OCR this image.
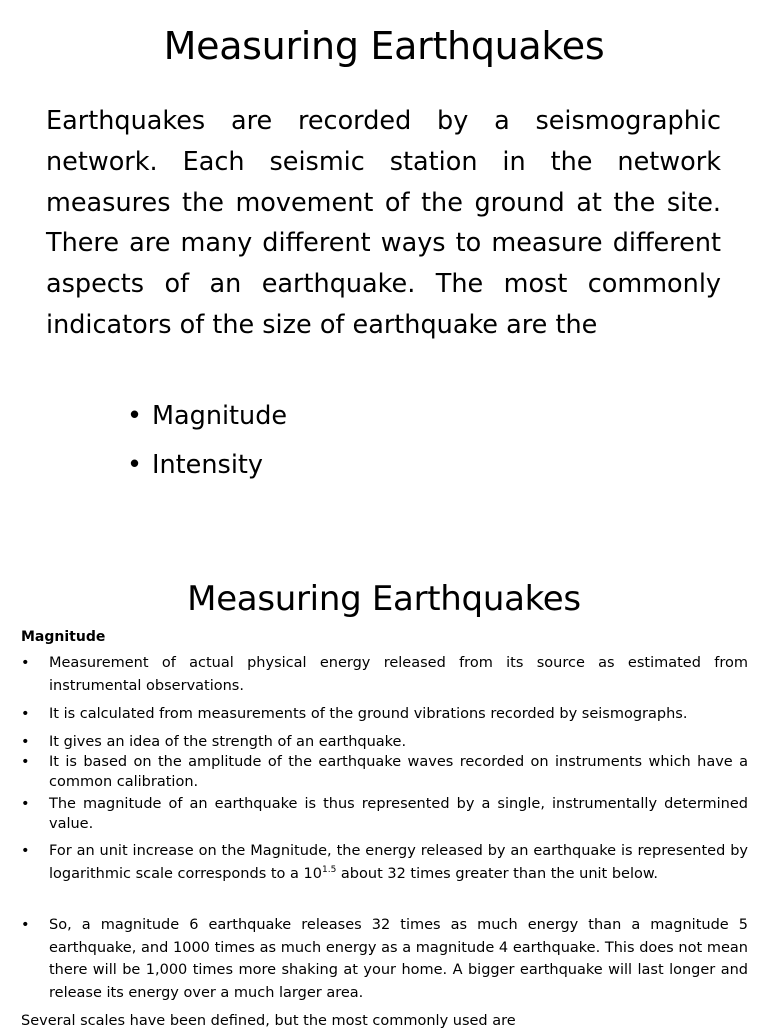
Measuring Earthquakes
Earthquakes are recorded by a seismographic network. Each seismic station in the network measures the movement of the ground at the site. There are many different ways to measure different aspects of an earthquake. The most commonly indicators of the size of earthquake are the
• Magnitude
• Intensity
Measuring Earthquakes
Magnitude
• Measurement of actual physical energy released from its source as estimated from instrumental observations.
• It is calculated from measurements of the ground vibrations recorded by seismographs.
• It gives an idea of the strength of an earthquake.
• It is based on the amplitude of the earthquake waves recorded on instruments which have a common calibration.
• The magnitude of an earthquake is thus represented by a single, instrumentally determined value.
• For an unit increase on the Magnitude, the energy released by an earthquake is represented by logarithmic scale corresponds to a $10^{1.5}$ about 32 times greater than the unit below.
• So, a magnitude 6 earthquake releases 32 times as much energy than a magnitude 5 earthquake, and 1000 times as much energy as a magnitude 4 earthquake. This does not mean there will be 1,000 times more shaking at your home. A bigger earthquake will last longer and release its energy over a much larger area.
Several scales have been defined, but the most commonly used are
